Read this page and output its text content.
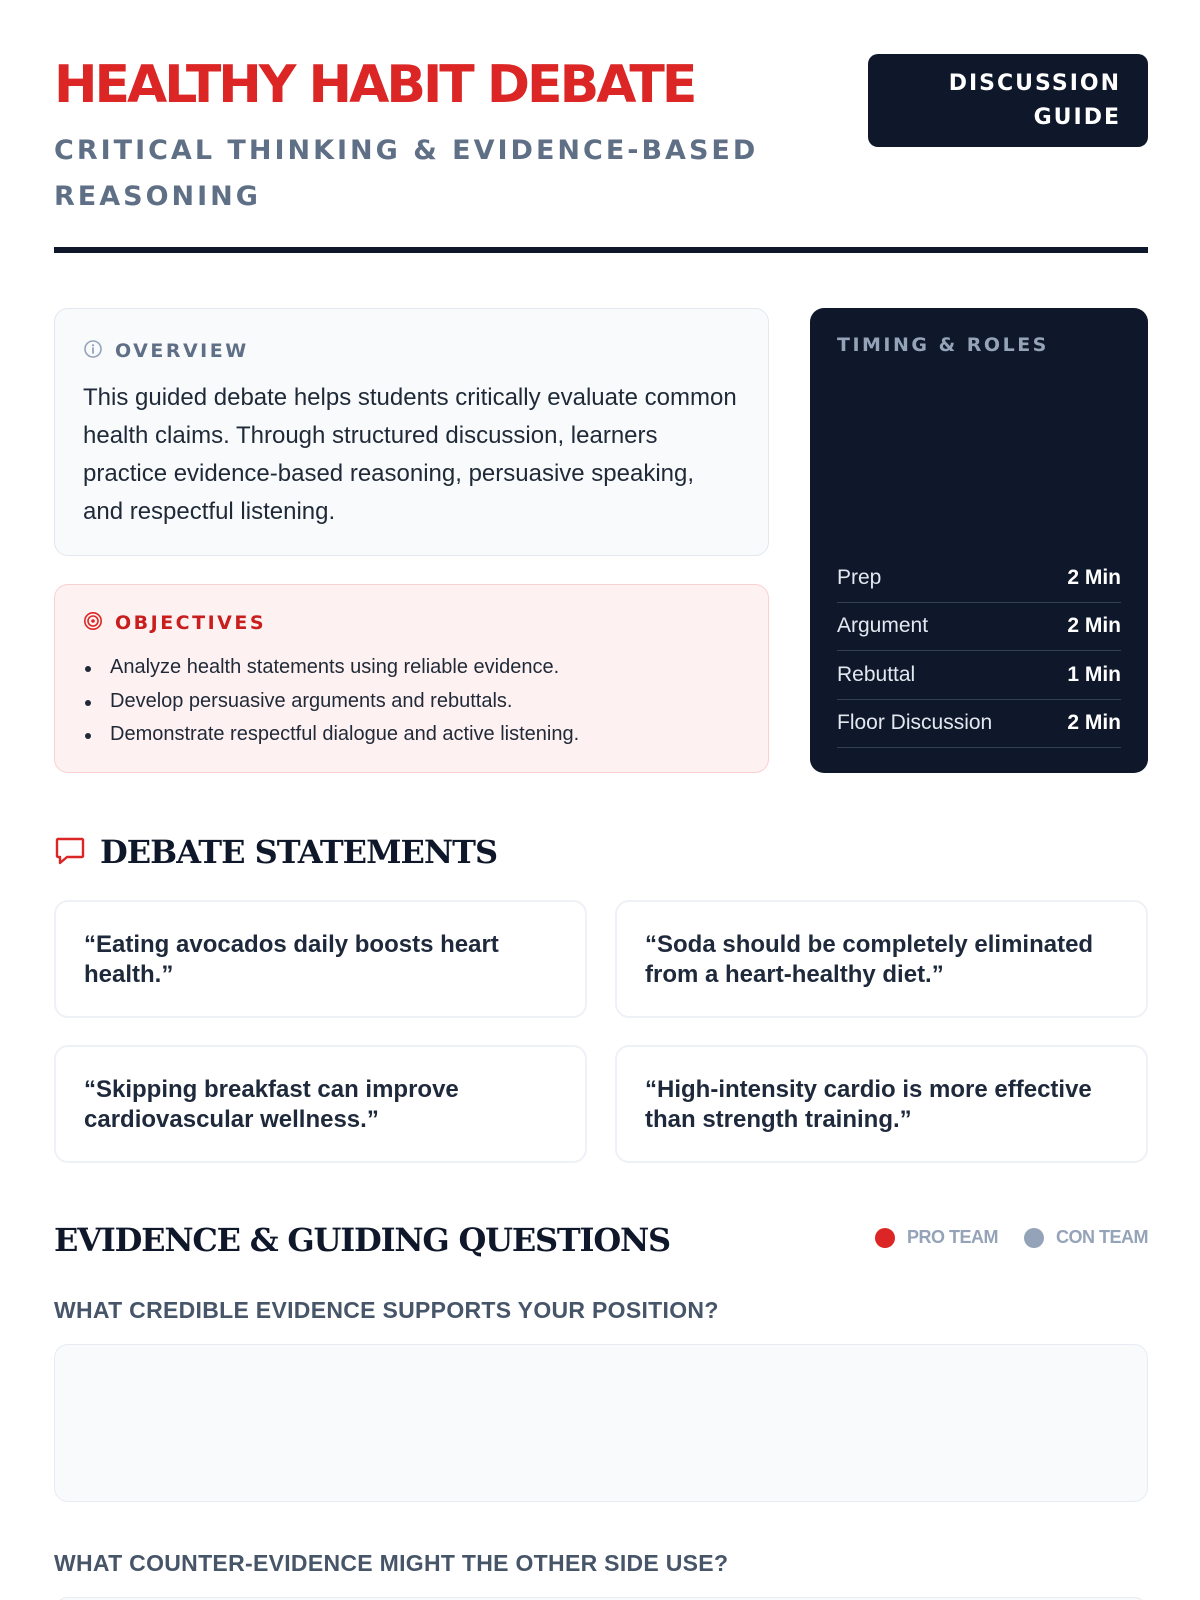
HEALTHY HABIT DEBATE
CRITICAL THINKING & EVIDENCE-BASED REASONING
DISCUSSION GUIDE
OVERVIEW

This guided debate helps students critically evaluate common health claims. Through structured discussion, learners practice evidence-based reasoning, persuasive speaking, and respectful listening.

OBJECTIVES
Analyze health statements using reliable evidence.
Develop persuasive arguments and rebuttals.
Demonstrate respectful dialogue and active listening.
TIMING & ROLES
Prep	2 Min
Argument	2 Min
Rebuttal	1 Min
Floor Discussion	2 Min
DEBATE STATEMENTS
“Eating avocados daily boosts heart health.”
“Soda should be completely eliminated from a heart-healthy diet.”
“Skipping breakfast can improve cardiovascular wellness.”
“High-intensity cardio is more effective than strength training.”
EVIDENCE & GUIDING QUESTIONS	PRO TEAM	CON TEAM
WHAT CREDIBLE EVIDENCE SUPPORTS YOUR POSITION?
WHAT COUNTER-EVIDENCE MIGHT THE OTHER SIDE USE?
